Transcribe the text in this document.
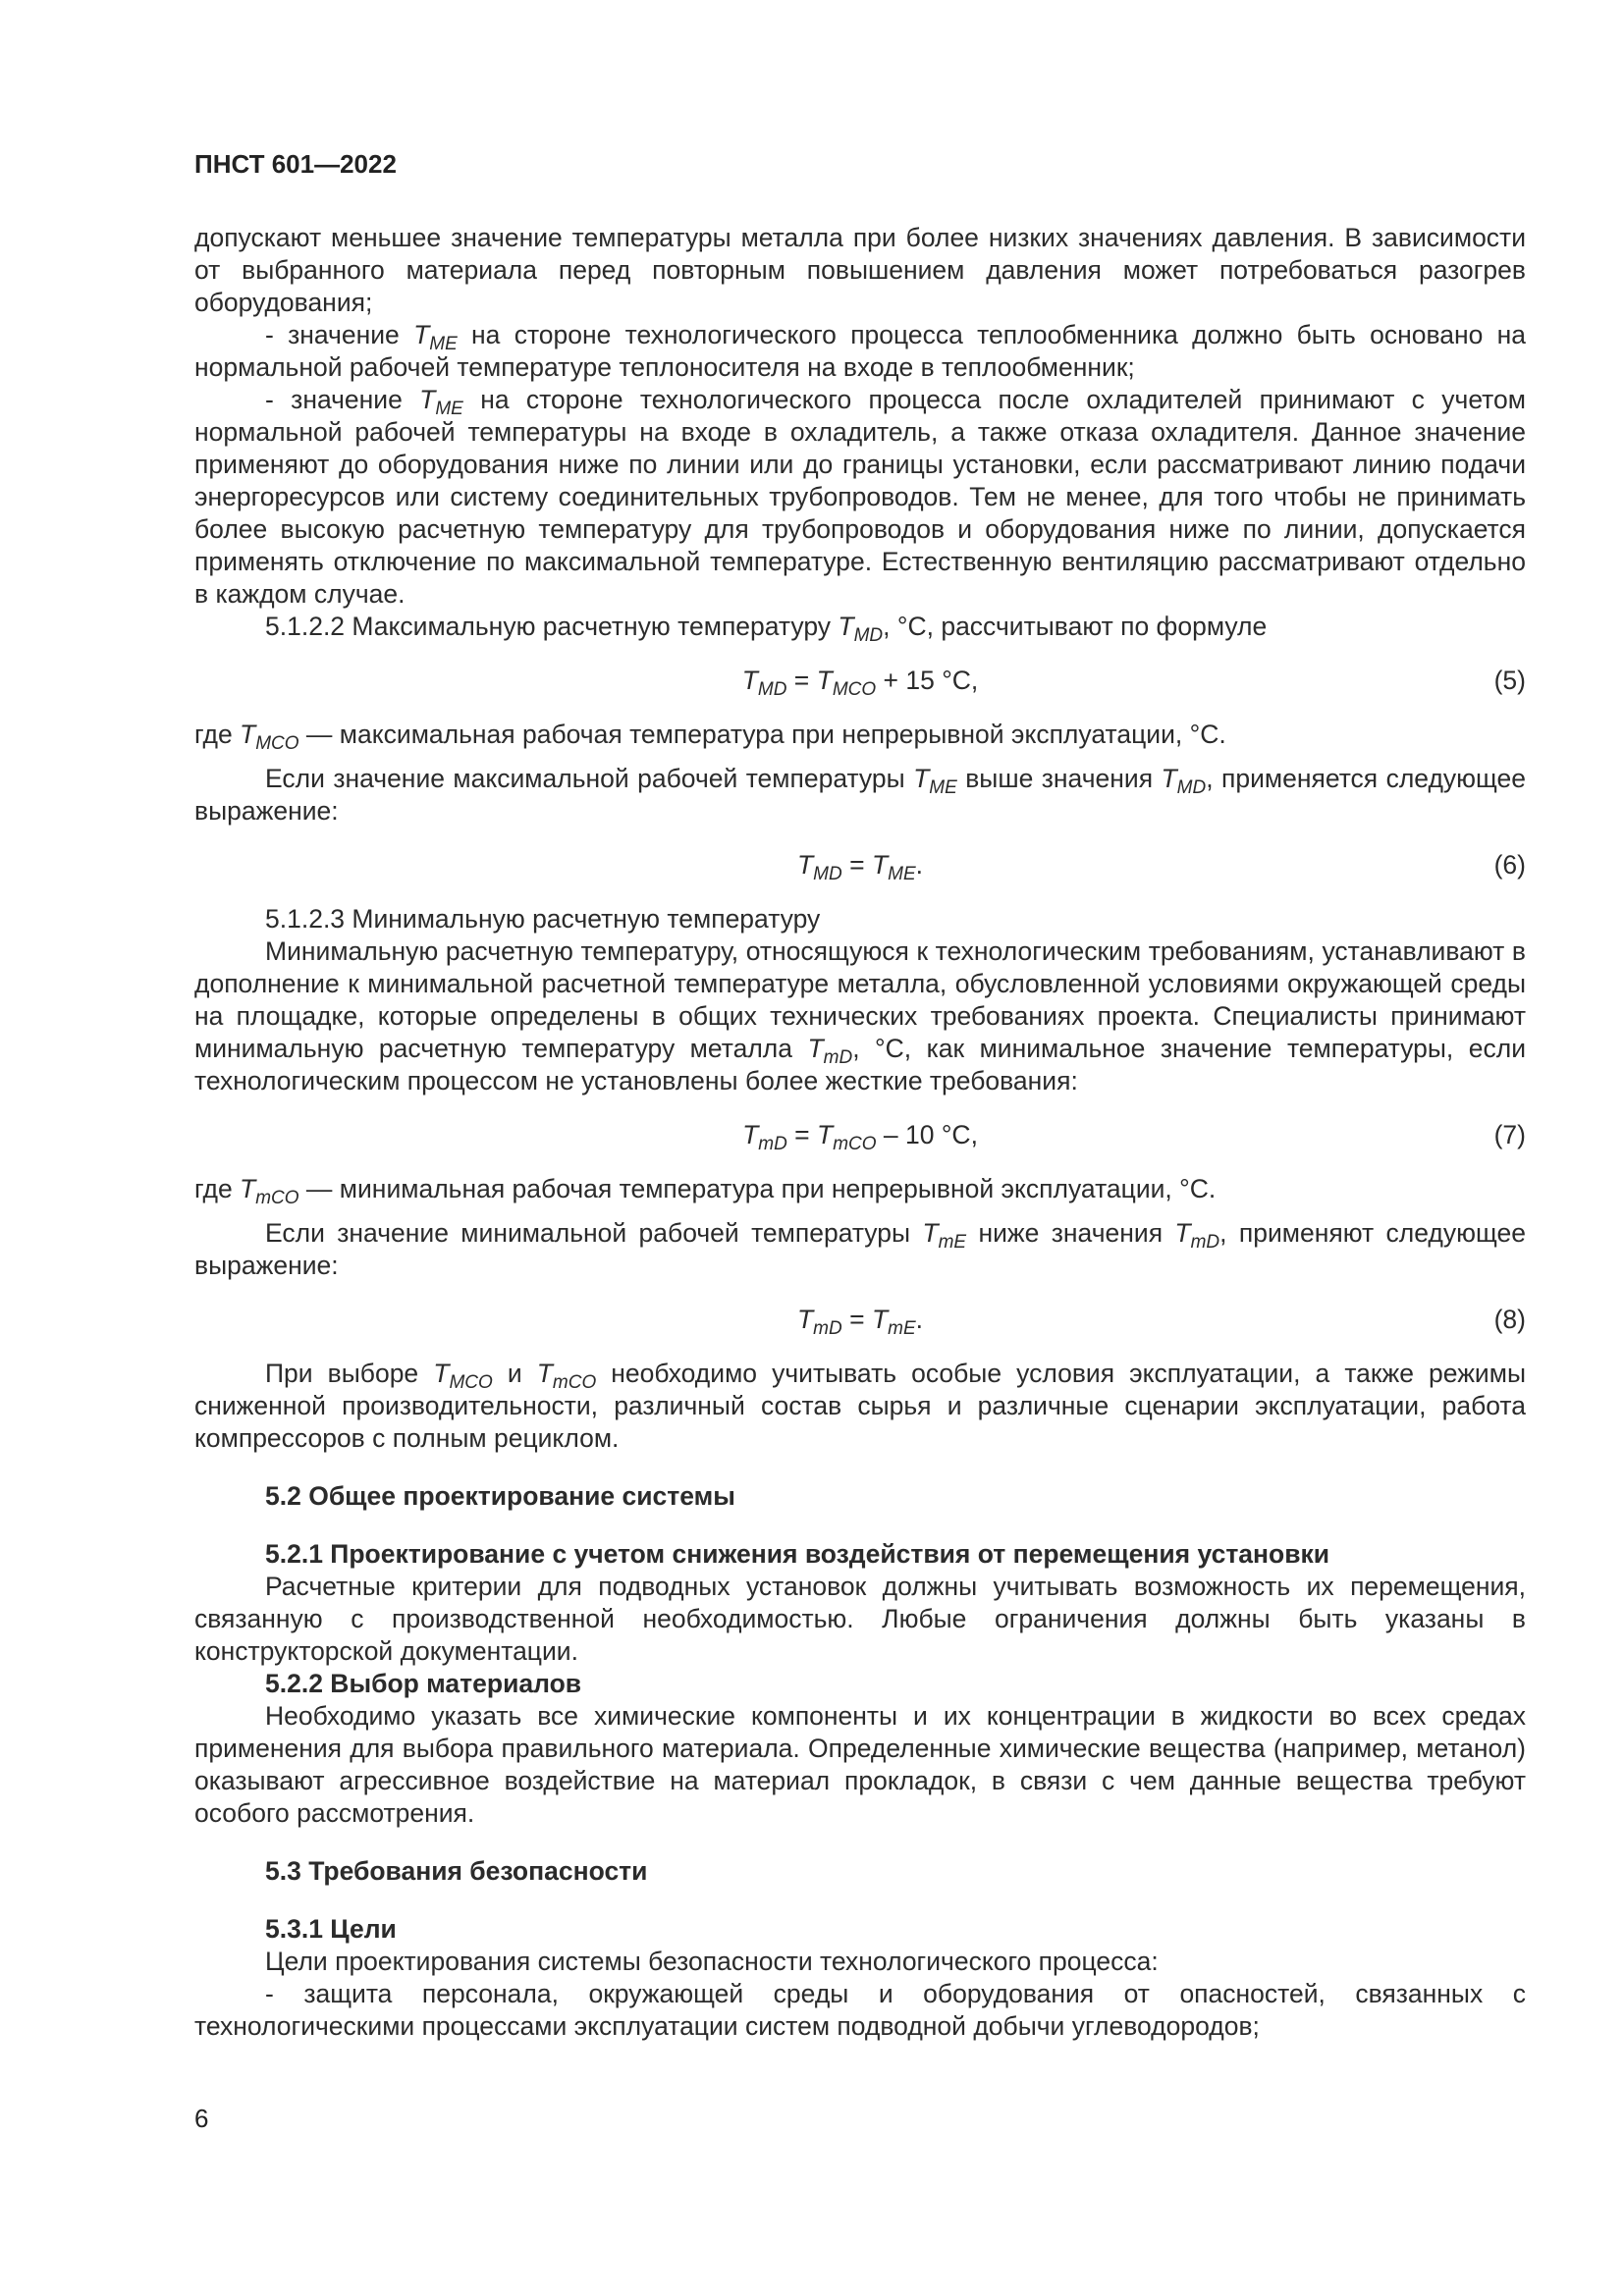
ПНСТ 601—2022

допускают меньшее значение температуры металла при более низких значениях давления. В зависимости от выбранного материала перед повторным повышением давления может потребоваться разогрев оборудования;

- значение $T_{ME}$ на стороне технологического процесса теплообменника должно быть основано на нормальной рабочей температуре теплоносителя на входе в теплообменник;

- значение $T_{ME}$ на стороне технологического процесса после охладителей принимают с учетом нормальной рабочей температуры на входе в охладитель, а также отказа охладителя. Данное значение применяют до оборудования ниже по линии или до границы установки, если рассматривают линию подачи энергоресурсов или систему соединительных трубопроводов. Тем не менее, для того чтобы не принимать более высокую расчетную температуру для трубопроводов и оборудования ниже по линии, допускается применять отключение по максимальной температуре. Естественную вентиляцию рассматривают отдельно в каждом случае.

5.1.2.2 Максимальную расчетную температуру $T_{MD}$, °C, рассчитывают по формуле

$T_{MD} = T_{MCO} + 15$ °C,	(5)

где $T_{MCO}$ — максимальная рабочая температура при непрерывной эксплуатации, °C.

Если значение максимальной рабочей температуры $T_{ME}$ выше значения $T_{MD}$, применяется следующее выражение:

$T_{MD} = T_{ME}$.	(6)

5.1.2.3 Минимальную расчетную температуру

Минимальную расчетную температуру, относящуюся к технологическим требованиям, устанавливают в дополнение к минимальной расчетной температуре металла, обусловленной условиями окружающей среды на площадке, которые определены в общих технических требованиях проекта. Специалисты принимают минимальную расчетную температуру металла $T_{mD}$, °C, как минимальное значение температуры, если технологическим процессом не установлены более жесткие требования:

$T_{mD} = T_{mCO} - 10$ °C,	(7)

где $T_{mCO}$ — минимальная рабочая температура при непрерывной эксплуатации, °C.

Если значение минимальной рабочей температуры $T_{mE}$ ниже значения $T_{mD}$, применяют следующее выражение:

$T_{mD} = T_{mE}$.	(8)

При выборе $T_{MCO}$ и $T_{mCO}$ необходимо учитывать особые условия эксплуатации, а также режимы сниженной производительности, различный состав сырья и различные сценарии эксплуатации, работа компрессоров с полным рециклом.

5.2 Общее проектирование системы

5.2.1 Проектирование с учетом снижения воздействия от перемещения установки

Расчетные критерии для подводных установок должны учитывать возможность их перемещения, связанную с производственной необходимостью. Любые ограничения должны быть указаны в конструкторской документации.

5.2.2 Выбор материалов

Необходимо указать все химические компоненты и их концентрации в жидкости во всех средах применения для выбора правильного материала. Определенные химические вещества (например, метанол) оказывают агрессивное воздействие на материал прокладок, в связи с чем данные вещества требуют особого рассмотрения.

5.3 Требования безопасности

5.3.1 Цели

Цели проектирования системы безопасности технологического процесса:

- защита персонала, окружающей среды и оборудования от опасностей, связанных с технологическими процессами эксплуатации систем подводной добычи углеводородов;

6
